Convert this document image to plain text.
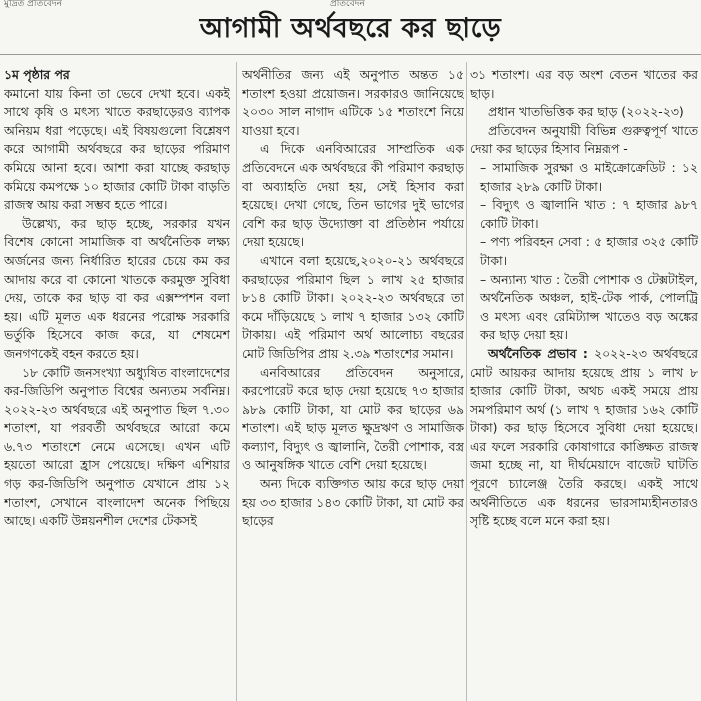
মুদ্রিত প্রতিবেদন	প্রতিবেদন
আগামী অর্থবছরে কর ছাড়ে

১ম পৃষ্ঠার পর

কমানো যায় কিনা তা ভেবে দেখা হবে। একই সাথে কৃষি ও মৎস্য খাতে করছাড়েরও ব্যাপক অনিয়ম ধরা পড়েছে। এই বিষয়গুলো বিশ্লেষণ করে আগামী অর্থবছরে কর ছাড়ের পরিমাণ কমিয়ে আনা হবে। আশা করা যাচ্ছে করছাড় কমিয়ে কমপক্ষে ১০ হাজার কোটি টাকা বাড়তি রাজস্ব আয় করা সম্ভব হতে পারে।

উল্লেখ্য, কর ছাড় হচ্ছে, সরকার যখন বিশেষ কোনো সামাজিক বা অর্থনৈতিক লক্ষ্য অর্জনের জন্য নির্ধারিত হারের চেয়ে কম কর আদায় করে বা কোনো খাতকে করমুক্ত সুবিধা দেয়, তাকে কর ছাড় বা কর এক্সম্পশন বলা হয়। এটি মূলত এক ধরনের পরোক্ষ সরকারি ভর্তুকি হিসেবে কাজ করে, যা শেষমেশ জনগণকেই বহন করতে হয়।

১৮ কোটি জনসংখ্যা অধ্যুষিত বাংলাদেশের কর-জিডিপি অনুপাত বিশ্বের অন্যতম সর্বনিম্ন। ২০২২-২৩ অর্থবছরে এই অনুপাত ছিল ৭.৩০ শতাংশ, যা পরবর্তী অর্থবছরে আরো কমে ৬.৭৩ শতাংশে নেমে এসেছে। এখন এটি হয়তো আরো হ্রাস পেয়েছে। দক্ষিণ এশিয়ার গড় কর-জিডিপি অনুপাত যেখানে প্রায় ১২ শতাংশ, সেখানে বাংলাদেশ অনেক পিছিয়ে আছে। একটি উন্নয়নশীল দেশের টেকসই

অর্থনীতির জন্য এই অনুপাত অন্তত ১৫ শতাংশ হওয়া প্রয়োজন। সরকারও জানিয়েছে ২০৩০ সাল নাগাদ এটিকে ১৫ শতাংশে নিয়ে যাওয়া হবে।

এ দিকে এনবিআরের সাম্প্রতিক এক প্রতিবেদনে এক অর্থবছরে কী পরিমাণ করছাড় বা অব্যাহতি দেয়া হয়, সেই হিসাব করা হয়েছে। দেখা গেছে, তিন ভাগের দুই ভাগের বেশি কর ছাড় উদ্যোক্তা বা প্রতিষ্ঠান পর্যায়ে দেয়া হয়েছে।

এখানে বলা হয়েছে,২০২০-২১ অর্থবছরে করছাড়ের পরিমাণ ছিল ১ লাখ ২৫ হাজার ৮১৪ কোটি টাকা। ২০২২-২৩ অর্থবছরে তা কমে দাঁড়িয়েছে ১ লাখ ৭ হাজার ১৩২ কোটি টাকায়। এই পরিমাণ অর্থ আলোচ্য বছরের মোট জিডিপির প্রায় ২.৩৯ শতাংশের সমান।

এনবিআরের প্রতিবেদন অনুসারে, করপোরেট করে ছাড় দেয়া হয়েছে ৭৩ হাজার ৯৮৯ কোটি টাকা, যা মোট কর ছাড়ের ৬৯ শতাংশ। এই ছাড় মূলত ক্ষুদ্রঋণ ও সামাজিক কল্যাণ, বিদ্যুৎ ও জ্বালানি, তৈরী পোশাক, বস্ত্র ও আনুষঙ্গিক খাতে বেশি দেয়া হয়েছে।

অন্য দিকে ব্যক্তিগত আয় করে ছাড় দেয়া হয় ৩৩ হাজার ১৪৩ কোটি টাকা, যা মোট কর ছাড়ের

৩১ শতাংশ। এর বড় অংশ বেতন খাতের কর ছাড়।

প্রধান খাতভিত্তিক কর ছাড় (২০২২-২৩)

প্রতিবেদন অনুযায়ী বিভিন্ন গুরুত্বপূর্ণ খাতে দেয়া কর ছাড়ের হিসাব নিম্নরূপ -

– সামাজিক সুরক্ষা ও মাইক্রোক্রেডিট : ১২ হাজার ২৮৯ কোটি টাকা।

– বিদ্যুৎ ও জ্বালানি খাত : ৭ হাজার ৯৮৭ কোটি টাকা।

– পণ্য পরিবহন সেবা : ৫ হাজার ৩২৫ কোটি টাকা।

– অন্যান্য খাত : তৈরী পোশাক ও টেক্সটাইল, অর্থনৈতিক অঞ্চল, হাই-টেক পার্ক, পোলট্রি ও মৎস্য এবং রেমিট্যান্স খাতেও বড় অঙ্কের কর ছাড় দেয়া হয়।

অর্থনৈতিক প্রভাব : ২০২২-২৩ অর্থবছরে মোট আয়কর আদায় হয়েছে প্রায় ১ লাখ ৮ হাজার কোটি টাকা, অথচ একই সময়ে প্রায় সমপরিমাণ অর্থ (১ লাখ ৭ হাজার ১৬২ কোটি টাকা) কর ছাড় হিসেবে সুবিধা দেয়া হয়েছে। এর ফলে সরকারি কোষাগারে কাঙ্ক্ষিত রাজস্ব জমা হচ্ছে না, যা দীর্ঘমেয়াদে বাজেট ঘাটতি পূরণে চ্যালেঞ্জ তৈরি করছে। একই সাথে অর্থনীতিতে এক ধরনের ভারসাম্যহীনতারও সৃষ্টি হচ্ছে বলে মনে করা হয়।
